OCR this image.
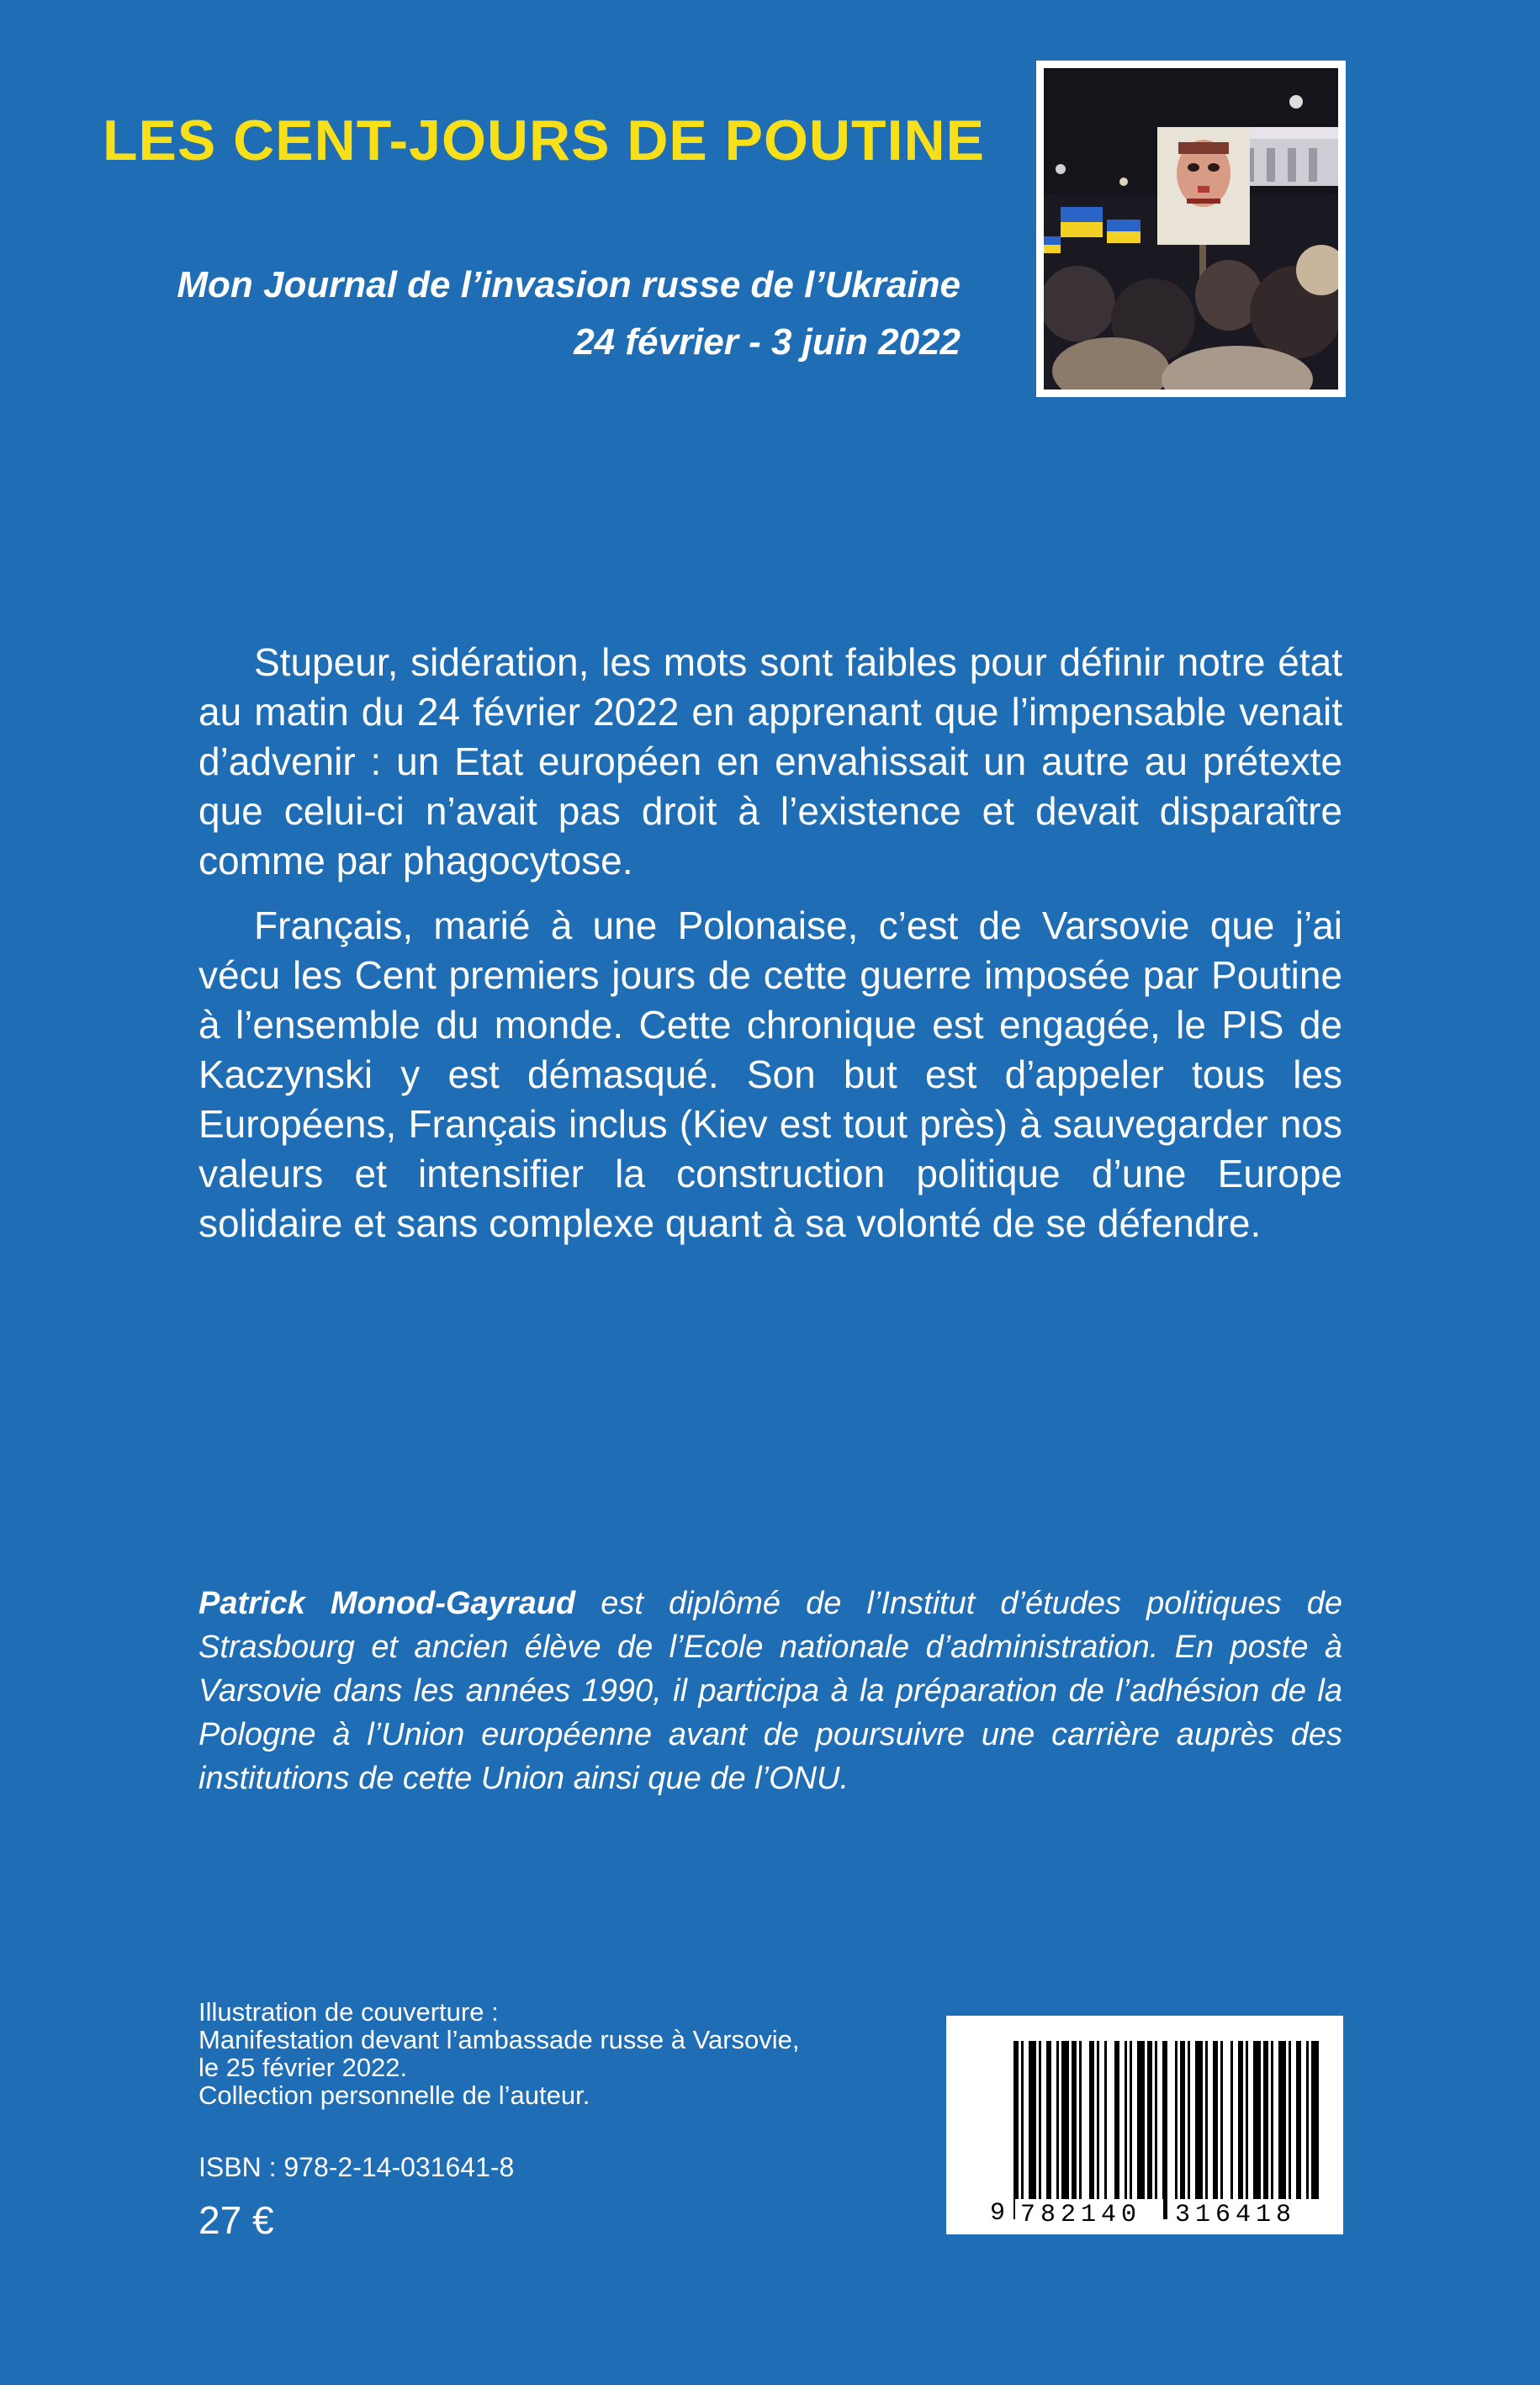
LES CENT-JOURS DE POUTINE
Mon Journal de l’invasion russe de l’Ukraine
24 février - 3 juin 2022

Stupeur, sidération, les mots sont faibles pour définir notre état au matin du 24 février 2022 en apprenant que l’impensable venait d’advenir : un Etat européen en envahissait un autre au prétexte que celui-ci n’avait pas droit à l’existence et devait disparaître comme par phagocytose.

Français, marié à une Polonaise, c’est de Varsovie que j’ai vécu les Cent premiers jours de cette guerre imposée par Poutine à l’ensemble du monde. Cette chronique est engagée, le PIS de Kaczynski y est démasqué. Son but est d’appeler tous les Européens, Français inclus (Kiev est tout près) à sauvegarder nos valeurs et intensifier la construction politique d’une Europe solidaire et sans complexe quant à sa volonté de se défendre.

Patrick Monod-Gayraud est diplômé de l’Institut d’études politiques de Strasbourg et ancien élève de l’Ecole nationale d’administration. En poste à Varsovie dans les années 1990, il participa à la préparation de l’adhésion de la Pologne à l’Union européenne avant de poursuivre une carrière auprès des institutions de cette Union ainsi que de l’ONU.
Illustration de couverture :
Manifestation devant l’ambassade russe à Varsovie,
le 25 février 2022.
Collection personnelle de l’auteur.
ISBN : 978-2-14-031641-8
27 €	9 782140 316418
